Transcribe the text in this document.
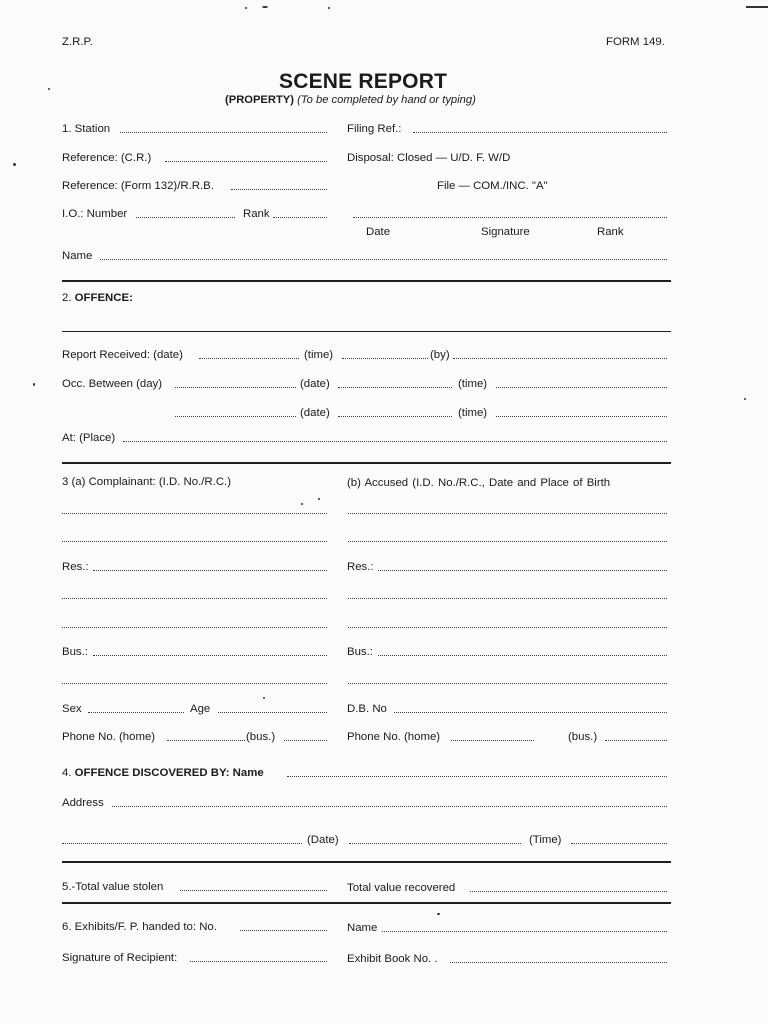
Z.R.P.	FORM 149.
SCENE REPORT
(PROPERTY) (To be completed by hand or typing)
1. Station	Filing Ref.:
Reference: (C.R.)	Disposal: Closed — U/D. F. W/D
Reference: (Form 132)/R.R.B.	File — COM./INC. "A"
I.O.: Number	Rank
Date	Signature	Rank
Name
2. OFFENCE:
Report Received: (date)	(time)	(by)
Occ. Between (day)	(date)	(time)
(date)	(time)
At: (Place)
3 (a) Complainant: (I.D. No./R.C.)	(b) Accused (I.D. No./R.C., Date and Place of Birth
Res.:	Res.:
Bus.:	Bus.:
Sex	Age	D.B. No
Phone No. (home)	(bus.)	Phone No. (home)	(bus.)
4. OFFENCE DISCOVERED BY: Name
Address
(Date)	(Time)
5.-Total value stolen	Total value recovered
6. Exhibits/F. P. handed to: No.	Name
Signature of Recipient:	Exhibit Book No. .
